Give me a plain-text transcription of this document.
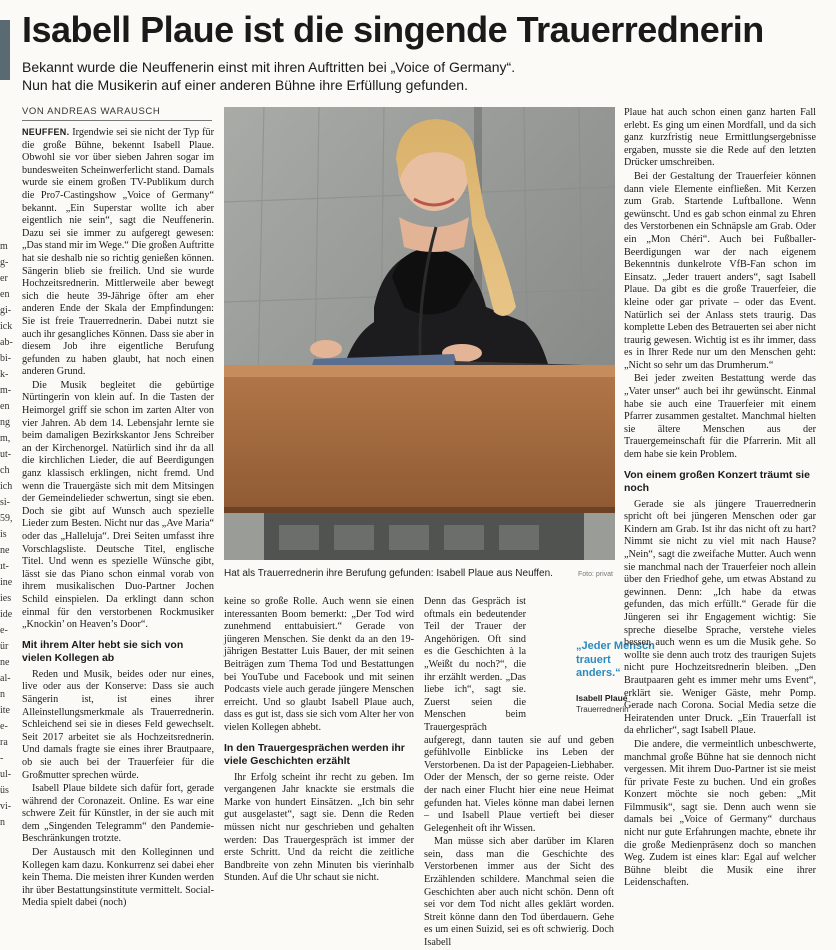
m
g-
er
en
gi-
ick
ab-
bi-
k-
m-
en
ng
m,
ut-
ch
ich
si-
59,
is
ne
ıt-
ine
ies
ide
e-
ür
ne
al-
n
ite
e-
ra
-
ul-
üs
vi-
n
Isabell Plaue ist die singende Trauerrednerin
Bekannt wurde die Neuffenerin einst mit ihren Auftritten bei „Voice of Germany“.
Nun hat die Musikerin auf einer anderen Bühne ihre Erfüllung gefunden.
VON ANDREAS WARAUSCH

NEUFFEN. Irgendwie sei sie nicht der Typ für die große Bühne, bekennt Isabell Plaue. Obwohl sie vor über sieben Jahren sogar im bundesweiten Scheinwerferlicht stand. Damals wurde sie einem großen TV-Publikum durch die Pro7-Castingshow „Voice of Germany“ bekannt. „Ein Superstar wollte ich aber eigentlich nie sein“, sagt die Neuffenerin. Dazu sei sie immer zu aufgeregt gewesen: „Das stand mir im Wege.“ Die großen Auftritte hat sie deshalb nie so richtig genießen können. Sängerin blieb sie freilich. Und sie wurde Hochzeitsrednerin. Mittlerweile aber bewegt sich die heute 39-Jährige öfter am eher anderen Ende der Skala der Empfindungen: Sie ist freie Trauerrednerin. Dabei nutzt sie auch ihr gesangliches Können. Dass sie aber in diesem Job ihre eigentliche Berufung gefunden zu haben glaubt, hat noch einen anderen Grund.

Die Musik begleitet die gebürtige Nürtingerin von klein auf. In die Tasten der Heimorgel griff sie schon im zarten Alter von vier Jahren. Ab dem 14. Lebensjahr lernte sie beim damaligen Bezirkskantor Jens Schreiber an der Kirchenorgel. Natürlich sind ihr da all die kirchlichen Lieder, die auf Beerdigungen ganz klassisch erklingen, nicht fremd. Und wenn die Trauergäste sich mit dem Mitsingen der Gemeindelieder schwertun, singt sie eben. Doch sie gibt auf Wunsch auch spezielle Lieder zum Besten. Nicht nur das „Ave Maria“ oder das „Halleluja“. Drei Seiten umfasst ihre Vorschlagsliste. Deutsche Titel, englische Titel. Und wenn es spezielle Wünsche gibt, lässt sie das Piano schon einmal vorab von ihrem musikalischen Duo-Partner Jochen Schild einspielen. Da erklingt dann schon einmal für den verstorbenen Rockmusiker „Knockin’ on Heaven’s Door“.

Mit ihrem Alter hebt sie sich von vielen Kollegen ab

Reden und Musik, beides oder nur eines, live oder aus der Konserve: Dass sie auch Sängerin ist, ist eines ihrer Alleinstellungsmerkmale als Trauerrednerin. Schleichend sei sie in dieses Feld gewechselt. Seit 2017 arbeitet sie als Hochzeitsrednerin. Und damals fragte sie eines ihrer Brautpaare, ob sie auch bei der Trauerfeier für die Großmutter sprechen würde.

Isabell Plaue bildete sich dafür fort, gerade während der Coronazeit. Online. Es war eine schwere Zeit für Künstler, in der sie auch mit dem „Singenden Telegramm“ den Pandemie-Beschränkungen trotzte.

Der Austausch mit den Kolleginnen und Kollegen kam dazu. Konkurrenz sei dabei eher kein Thema. Die meisten ihrer Kunden werden ihr über Bestattungsinstitute vermittelt. Social-Media spielt dabei (noch)

Hat als Trauerrednerin ihre Berufung gefunden: Isabell Plaue aus Neuffen.	Foto: privat

keine so große Rolle. Auch wenn sie einen interessanten Boom bemerkt: „Der Tod wird zunehmend enttabuisiert.“ Gerade von jüngeren Menschen. Sie denkt da an den 19-jährigen Bestatter Luis Bauer, der mit seinen Beiträgen zum Thema Tod und Bestattungen bei YouTube und Facebook und mit seinen Podcasts viele auch gerade jüngere Menschen erreicht. Und so glaubt Isabell Plaue auch, dass es gut ist, dass sie sich vom Alter her von vielen Kollegen abhebt.

In den Trauergesprächen werden ihr viele Geschichten erzählt

Ihr Erfolg scheint ihr recht zu geben. Im vergangenen Jahr knackte sie erstmals die Marke von hundert Einsätzen. „Ich bin sehr gut ausgelastet“, sagt sie. Denn die Reden müssen nicht nur geschrieben und gehalten werden: Das Trauergespräch ist immer der erste Schritt. Und da reicht die zeitliche Bandbreite von zehn Minuten bis vierinhalb Stunden. Auf die Uhr schaut sie nicht.

Denn das Gespräch ist oftmals ein bedeutender Teil der Trauer der Angehörigen. Oft sind es die Geschichten à la „Weißt du noch?“, die ihr erzählt werden. „Das liebe ich“, sagt sie. Zuerst seien die Menschen beim Trauergespräch aufgeregt, dann tauten sie auf und geben gefühlvolle Einblicke ins Leben der Verstorbenen. Da ist der Papageien-Liebhaber. Oder der Mensch, der so gerne reiste. Oder der nach einer Flucht hier eine neue Heimat gefunden hat. Vieles könne man dabei lernen – und Isabell Plaue vertieft bei dieser Gelegenheit oft ihr Wissen.

Man müsse sich aber darüber im Klaren sein, dass man die Geschichte des Verstorbenen immer aus der Sicht des Erzählenden schildere. Manchmal seien die Geschichten aber auch nicht schön. Denn oft sei vor dem Tod nicht alles geklärt worden. Streit könne dann den Tod überdauern. Gehe es um einen Suizid, sei es oft schwierig. Doch Isabell

„Jeder Mensch trauert anders.“
Isabell Plaue
Trauerrednerin

Plaue hat auch schon einen ganz harten Fall erlebt. Es ging um einen Mordfall, und da sich ganz kurzfristig neue Ermittlungsergebnisse ergaben, musste sie die Rede auf den letzten Drücker umschreiben.

Bei der Gestaltung der Trauerfeier können dann viele Elemente einfließen. Mit Kerzen zum Grab. Startende Luftballone. Wenn gewünscht. Und es gab schon einmal zu Ehren des Verstorbenen ein Schnäpsle am Grab. Oder ein „Mon Chéri“. Auch bei Fußballer-Beerdigungen war der nach eigenem Bekenntnis dunkelrote VfB-Fan schon im Einsatz. „Jeder trauert anders“, sagt Isabell Plaue. Da gibt es die große Trauerfeier, die kleine oder gar private – oder das Event. Natürlich sei der Anlass stets traurig. Das komplette Leben des Betrauerten sei aber nicht traurig gewesen. Wichtig ist es ihr immer, dass es in Ihrer Rede nur um den Menschen geht: „Nicht so sehr um das Drumherum.“

Bei jeder zweiten Bestattung werde das „Vater unser“ auch bei ihr gewünscht. Einmal habe sie auch eine Trauerfeier mit einem Pfarrer zusammen gestaltet. Manchmal hielten sie ältere Menschen aus der Trauergemeinschaft für die Pfarrerin. Mit all dem habe sie kein Problem.

Von einem großen Konzert träumt sie noch

Gerade sie als jüngere Trauerrednerin spricht oft bei jüngeren Menschen oder gar Kindern am Grab. Ist ihr das nicht oft zu hart? Nimmt sie nicht zu viel mit nach Hause? „Nein“, sagt die zweifache Mutter. Auch wenn sie manchmal nach der Trauerfeier noch allein über den Friedhof gehe, um etwas Abstand zu gewinnen. Denn: „Ich habe da etwas gefunden, das mich erfüllt.“ Gerade für die Jüngeren sei ihr Engagement wichtig: Sie spreche dieselbe Sprache, verstehe vieles besser, auch wenn es um die Musik gehe. So wollte sie denn auch trotz des traurigen Sujets nicht pure Hochzeitsrednerin bleiben. „Den Brautpaaren geht es immer mehr ums Event“, erklärt sie. Weniger Gäste, mehr Pomp. Gerade nach Corona. Social Media setze die Heiratenden unter Druck. „Ein Trauerfall ist da ehrlicher“, sagt Isabell Plaue.

Die andere, die vermeintlich unbeschwerte, manchmal große Bühne hat sie dennoch nicht vergessen. Mit ihrem Duo-Partner ist sie meist für private Feste zu buchen. Und ein großes Konzert möchte sie noch geben: „Mit Filmmusik“, sagt sie. Denn auch wenn sie damals bei „Voice of Germany“ durchaus nicht nur gute Erfahrungen machte, ebnete ihr die große Medienpräsenz doch so manchen Weg. Zudem ist eines klar: Egal auf welcher Bühne bleibt die Musik eine ihrer Leidenschaften.
